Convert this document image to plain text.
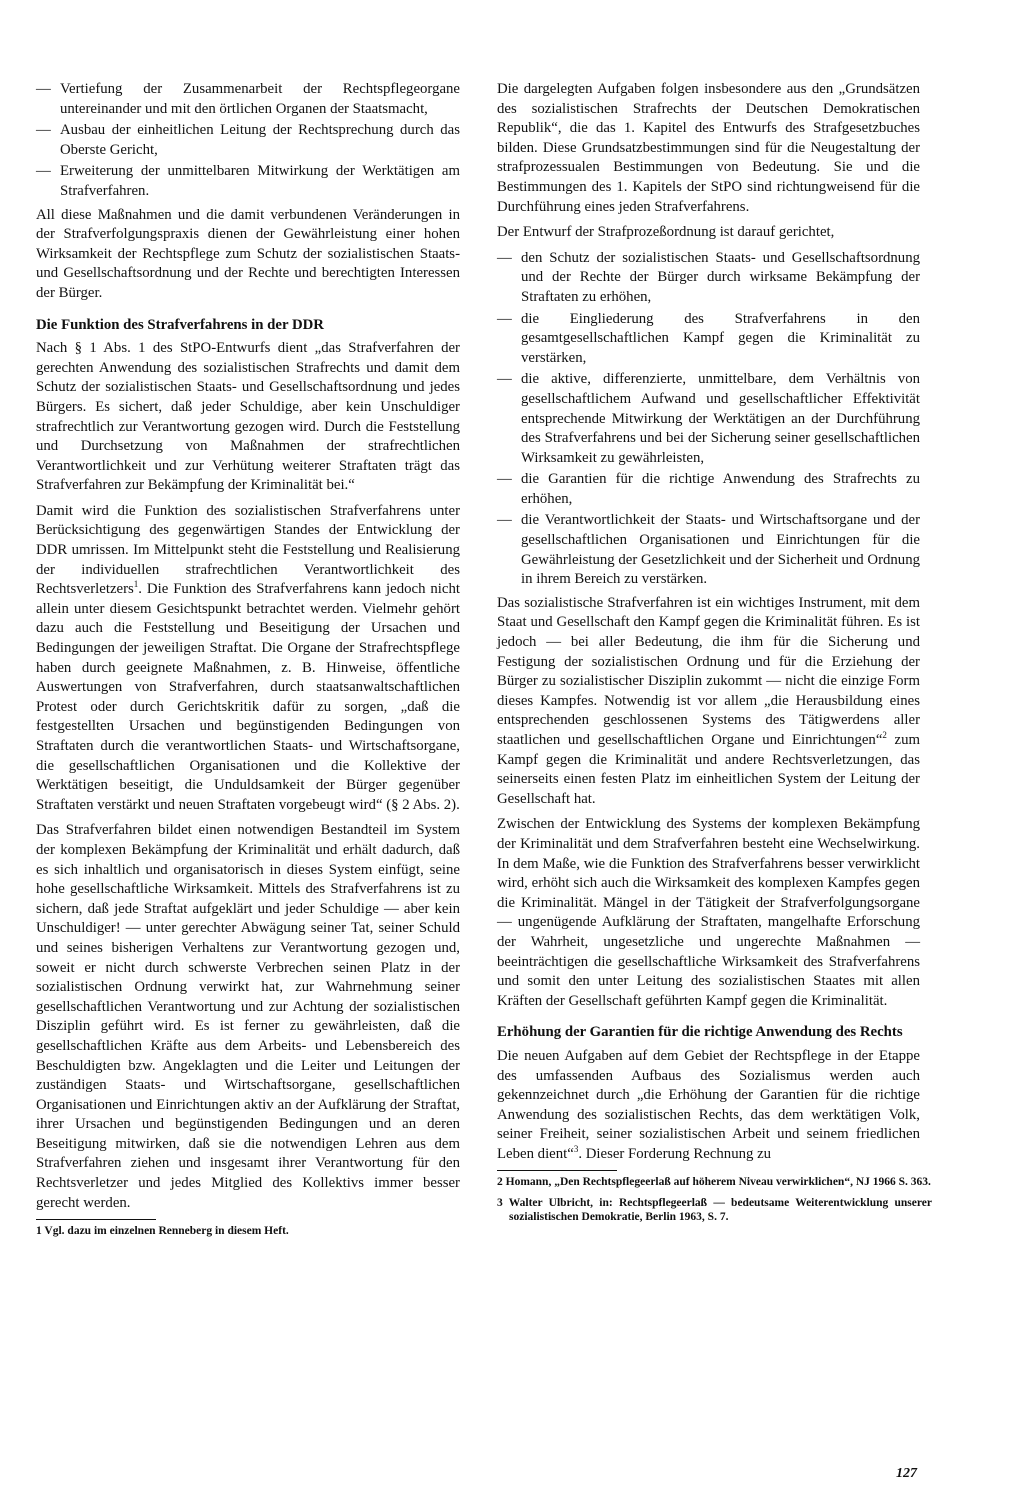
— Vertiefung der Zusammenarbeit der Rechtspflegeorgane untereinander und mit den örtlichen Organen der Staatsmacht,
— Ausbau der einheitlichen Leitung der Rechtsprechung durch das Oberste Gericht,
— Erweiterung der unmittelbaren Mitwirkung der Werktätigen am Strafverfahren.

All diese Maßnahmen und die damit verbundenen Veränderungen in der Strafverfolgungspraxis dienen der Gewährleistung einer hohen Wirksamkeit der Rechtspflege zum Schutz der sozialistischen Staats- und Gesellschaftsordnung und der Rechte und berechtigten Interessen der Bürger.

Die Funktion des Strafverfahrens in der DDR

Nach § 1 Abs. 1 des StPO-Entwurfs dient „das Strafverfahren der gerechten Anwendung des sozialistischen Strafrechts und damit dem Schutz der sozialistischen Staats- und Gesellschaftsordnung und jedes Bürgers. Es sichert, daß jeder Schuldige, aber kein Unschuldiger strafrechtlich zur Verantwortung gezogen wird. Durch die Feststellung und Durchsetzung von Maßnahmen der strafrechtlichen Verantwortlichkeit und zur Verhütung weiterer Straftaten trägt das Strafverfahren zur Bekämpfung der Kriminalität bei.“

Damit wird die Funktion des sozialistischen Strafverfahrens unter Berücksichtigung des gegenwärtigen Standes der Entwicklung der DDR umrissen. Im Mittelpunkt steht die Feststellung und Realisierung der individuellen strafrechtlichen Verantwortlichkeit des Rechtsverletzers$^1$. Die Funktion des Strafverfahrens kann jedoch nicht allein unter diesem Gesichtspunkt betrachtet werden. Vielmehr gehört dazu auch die Feststellung und Beseitigung der Ursachen und Bedingungen der jeweiligen Straftat. Die Organe der Strafrechtspflege haben durch geeignete Maßnahmen, z. B. Hinweise, öffentliche Auswertungen von Strafverfahren, durch staatsanwaltschaftlichen Protest oder durch Gerichtskritik dafür zu sorgen, „daß die festgestellten Ursachen und begünstigenden Bedingungen von Straftaten durch die verantwortlichen Staats- und Wirtschaftsorgane, die gesellschaftlichen Organisationen und die Kollektive der Werktätigen beseitigt, die Unduldsamkeit der Bürger gegenüber Straftaten verstärkt und neuen Straftaten vorgebeugt wird“ (§ 2 Abs. 2).

Das Strafverfahren bildet einen notwendigen Bestandteil im System der komplexen Bekämpfung der Kriminalität und erhält dadurch, daß es sich inhaltlich und organisatorisch in dieses System einfügt, seine hohe gesellschaftliche Wirksamkeit. Mittels des Strafverfahrens ist zu sichern, daß jede Straftat aufgeklärt und jeder Schuldige — aber kein Unschuldiger! — unter gerechter Abwägung seiner Tat, seiner Schuld und seines bisherigen Verhaltens zur Verantwortung gezogen und, soweit er nicht durch schwerste Verbrechen seinen Platz in der sozialistischen Ordnung verwirkt hat, zur Wahrnehmung seiner gesellschaftlichen Verantwortung und zur Achtung der sozialistischen Disziplin geführt wird. Es ist ferner zu gewährleisten, daß die gesellschaftlichen Kräfte aus dem Arbeits- und Lebensbereich des Beschuldigten bzw. Angeklagten und die Leiter und Leitungen der zuständigen Staats- und Wirtschaftsorgane, gesellschaftlichen Organisationen und Einrichtungen aktiv an der Aufklärung der Straftat, ihrer Ursachen und begünstigenden Bedingungen und an deren Beseitigung mitwirken, daß sie die notwendigen Lehren aus dem Strafverfahren ziehen und insgesamt ihrer Verantwortung für den Rechtsverletzer und jedes Mitglied des Kollektivs immer besser gerecht werden.

1 Vgl. dazu im einzelnen Renneberg in diesem Heft.

Die dargelegten Aufgaben folgen insbesondere aus den „Grundsätzen des sozialistischen Strafrechts der Deutschen Demokratischen Republik“, die das 1. Kapitel des Entwurfs des Strafgesetzbuches bilden. Diese Grundsatzbestimmungen sind für die Neugestaltung der strafprozessualen Bestimmungen von Bedeutung. Sie und die Bestimmungen des 1. Kapitels der StPO sind richtungweisend für die Durchführung eines jeden Strafverfahrens.

Der Entwurf der Strafprozeßordnung ist darauf gerichtet,

— den Schutz der sozialistischen Staats- und Gesellschaftsordnung und der Rechte der Bürger durch wirksame Bekämpfung der Straftaten zu erhöhen,
— die Eingliederung des Strafverfahrens in den gesamtgesellschaftlichen Kampf gegen die Kriminalität zu verstärken,
— die aktive, differenzierte, unmittelbare, dem Verhältnis von gesellschaftlichem Aufwand und gesellschaftlicher Effektivität entsprechende Mitwirkung der Werktätigen an der Durchführung des Strafverfahrens und bei der Sicherung seiner gesellschaftlichen Wirksamkeit zu gewährleisten,
— die Garantien für die richtige Anwendung des Strafrechts zu erhöhen,
— die Verantwortlichkeit der Staats- und Wirtschaftsorgane und der gesellschaftlichen Organisationen und Einrichtungen für die Gewährleistung der Gesetzlichkeit und der Sicherheit und Ordnung in ihrem Bereich zu verstärken.

Das sozialistische Strafverfahren ist ein wichtiges Instrument, mit dem Staat und Gesellschaft den Kampf gegen die Kriminalität führen. Es ist jedoch — bei aller Bedeutung, die ihm für die Sicherung und Festigung der sozialistischen Ordnung und für die Erziehung der Bürger zu sozialistischer Disziplin zukommt — nicht die einzige Form dieses Kampfes. Notwendig ist vor allem „die Herausbildung eines entsprechenden geschlossenen Systems des Tätigwerdens aller staatlichen und gesellschaftlichen Organe und Einrichtungen“$^2$ zum Kampf gegen die Kriminalität und andere Rechtsverletzungen, das seinerseits einen festen Platz im einheitlichen System der Leitung der Gesellschaft hat.

Zwischen der Entwicklung des Systems der komplexen Bekämpfung der Kriminalität und dem Strafverfahren besteht eine Wechselwirkung. In dem Maße, wie die Funktion des Strafverfahrens besser verwirklicht wird, erhöht sich auch die Wirksamkeit des komplexen Kampfes gegen die Kriminalität. Mängel in der Tätigkeit der Strafverfolgungsorgane — ungenügende Aufklärung der Straftaten, mangelhafte Erforschung der Wahrheit, ungesetzliche und ungerechte Maßnahmen — beeinträchtigen die gesellschaftliche Wirksamkeit des Strafverfahrens und somit den unter Leitung des sozialistischen Staates mit allen Kräften der Gesellschaft geführten Kampf gegen die Kriminalität.

Erhöhung der Garantien für die richtige Anwendung des Rechts

Die neuen Aufgaben auf dem Gebiet der Rechtspflege in der Etappe des umfassenden Aufbaus des Sozialismus werden auch gekennzeichnet durch „die Erhöhung der Garantien für die richtige Anwendung des sozialistischen Rechts, das dem werktätigen Volk, seiner Freiheit, seiner sozialistischen Arbeit und seinem friedlichen Leben dient“$^3$. Dieser Forderung Rechnung zu

2 Homann, „Den Rechtspflegeerlaß auf höherem Niveau verwirklichen“, NJ 1966 S. 363.

3 Walter Ulbricht, in: Rechtspflegeerlaß — bedeutsame Weiterentwicklung unserer sozialistischen Demokratie, Berlin 1963, S. 7.

127
